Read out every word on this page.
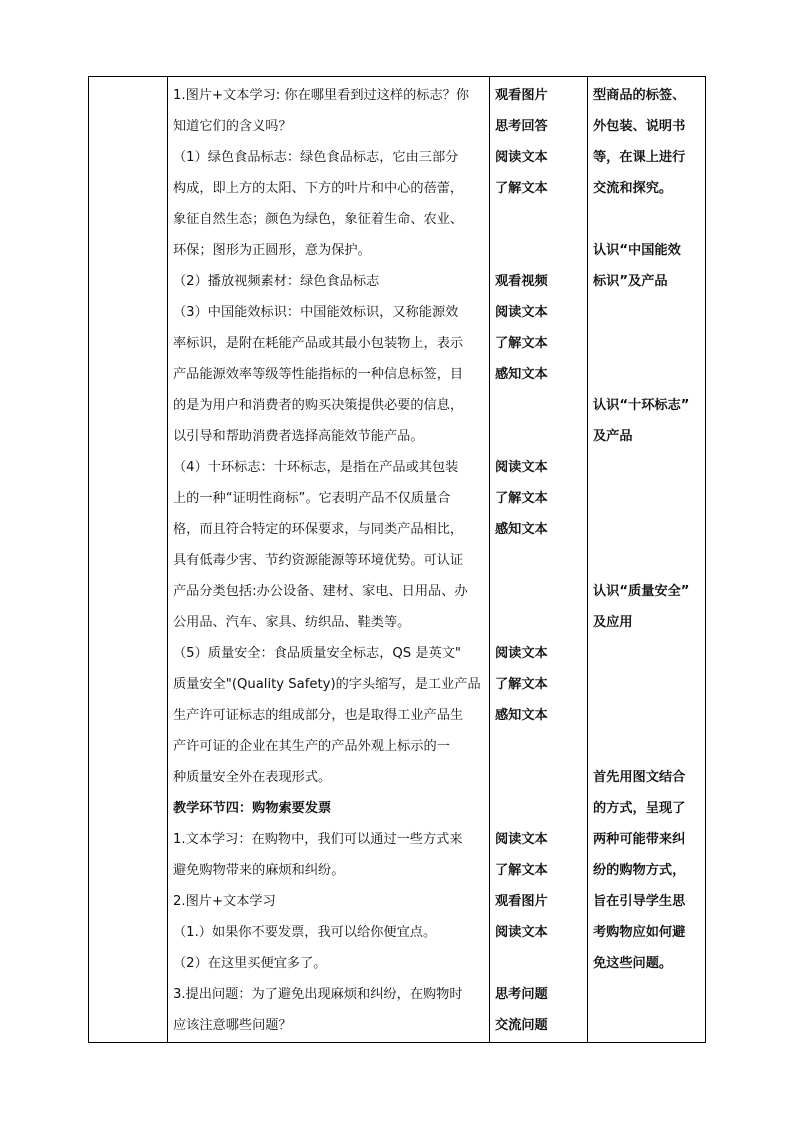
1.图片+文本学习: 你在哪里看到过这样的标志？你
知道它们的含义吗？
（1）绿色食品标志：绿色食品标志，它由三部分
构成，即上方的太阳、下方的叶片和中心的蓓蕾，
象征自然生态；颜色为绿色，象征着生命、农业、
环保；图形为正圆形，意为保护。
（2）播放视频素材：绿色食品标志
（3）中国能效标识：中国能效标识，又称能源效
率标识，是附在耗能产品或其最小包装物上，表示
产品能源效率等级等性能指标的一种信息标签，目
的是为用户和消费者的购买决策提供必要的信息，
以引导和帮助消费者选择高能效节能产品。
（4）十环标志：十环标志，是指在产品或其包装
上的一种“证明性商标”。它表明产品不仅质量合
格，而且符合特定的环保要求，与同类产品相比，
具有低毒少害、节约资源能源等环境优势。可认证
产品分类包括:办公设备、建材、家电、日用品、办
公用品、汽车、家具、纺织品、鞋类等。
（5）质量安全：食品质量安全标志，QS 是英文"
质量安全"(Quality Safety)的字头缩写，是工业产品
生产许可证标志的组成部分，也是取得工业产品生
产许可证的企业在其生产的产品外观上标示的一
种质量安全外在表现形式。
教学环节四：购物索要发票
1.文本学习：在购物中，我们可以通过一些方式来
避免购物带来的麻烦和纠纷。
2.图片+文本学习
（1.）如果你不要发票，我可以给你便宜点。
（2）在这里买便宜多了。
3.提出问题：为了避免出现麻烦和纠纷，在购物时
应该注意哪些问题？
观看图片
思考回答
阅读文本
了解文本
观看视频
阅读文本
了解文本
感知文本
阅读文本
了解文本
感知文本
阅读文本
了解文本
感知文本
阅读文本
了解文本
观看图片
阅读文本
思考问题
交流问题
型商品的标签、
外包装、说明书
等，在课上进行
交流和探究。
认识“中国能效
标识”及产品
认识“十环标志”
及产品
认识“质量安全”
及应用
首先用图文结合
的方式，呈现了
两种可能带来纠
纷的购物方式，
旨在引导学生思
考购物应如何避
免这些问题。
